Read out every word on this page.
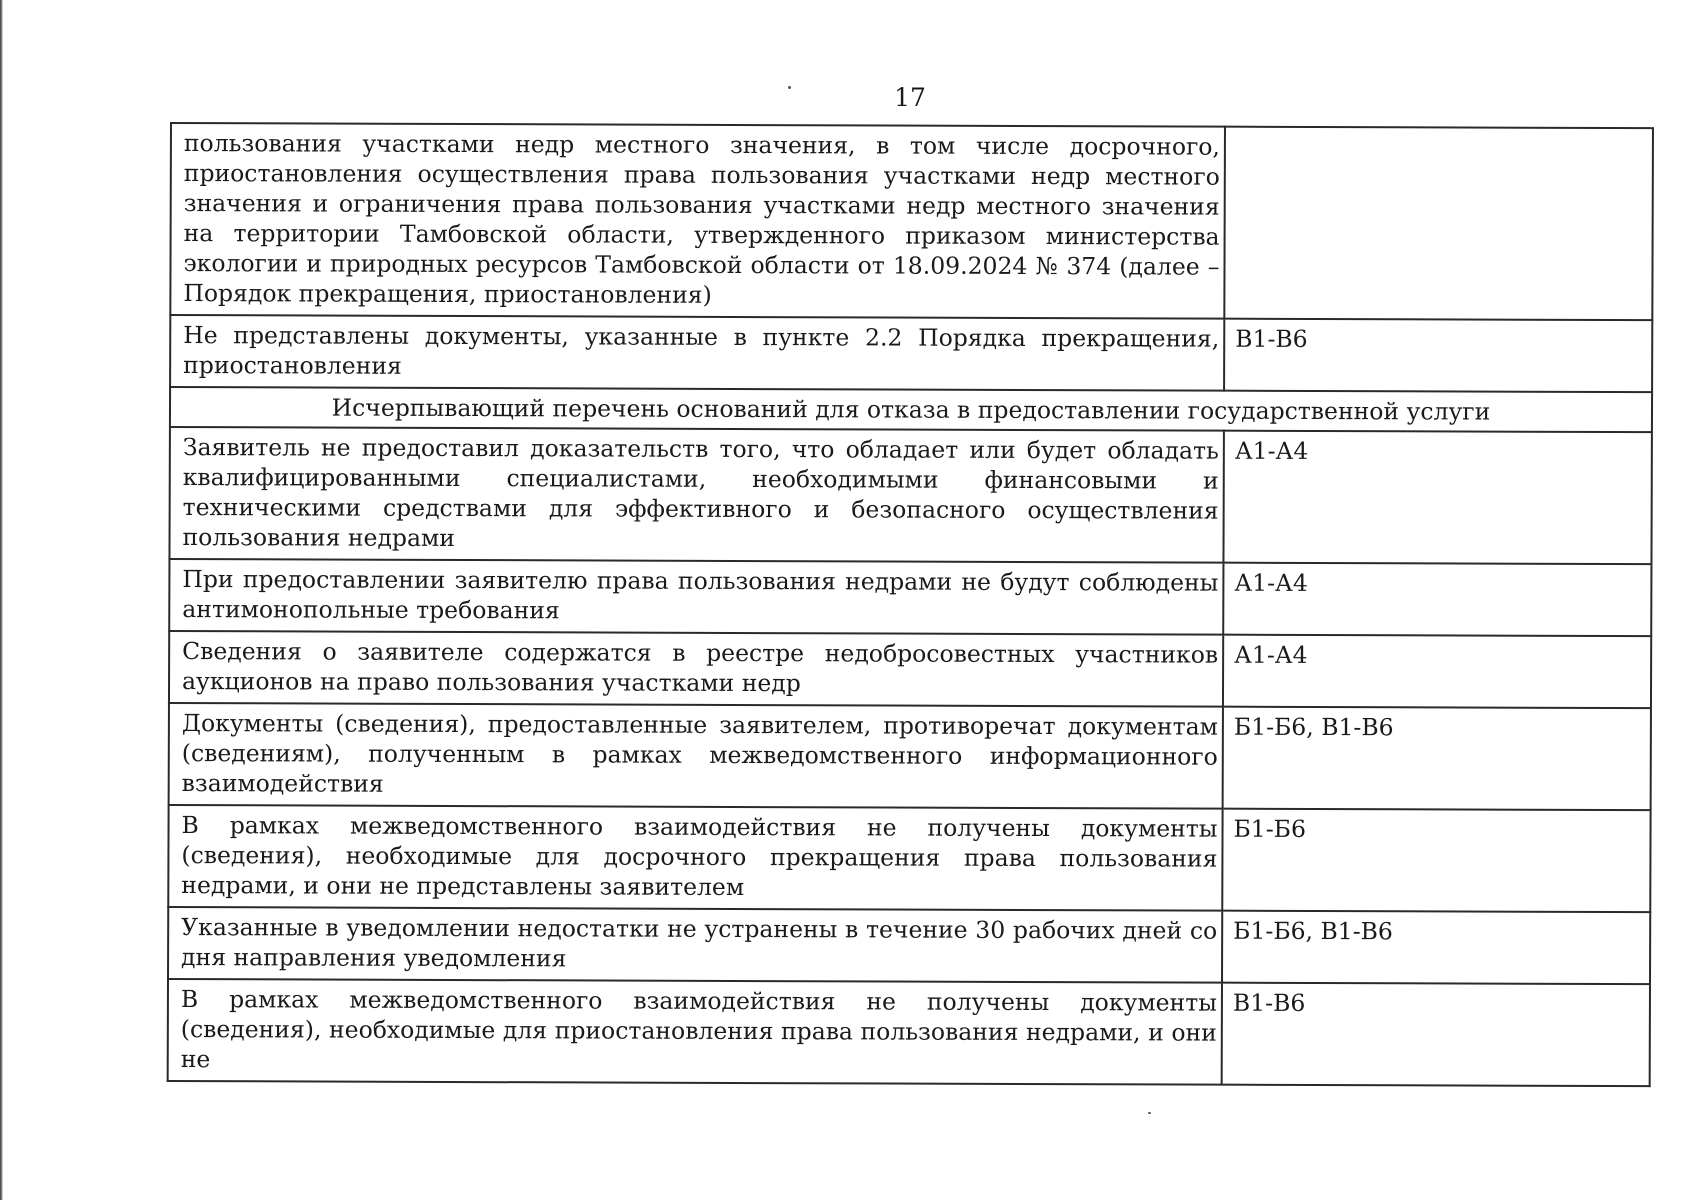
17
пользования участками недр местного значения, в том числе досрочного, приостановления осуществления права пользования участками недр местного значения и ограничения права пользования участками недр местного значения на территории Тамбовской области, утвержденного приказом министерства экологии и природных ресурсов Тамбовской области от 18.09.2024 № 374 (далее – Порядок прекращения, приостановления)	
Не представлены документы, указанные в пункте 2.2 Порядка прекращения, приостановления	В1-В6
Исчерпывающий перечень оснований для отказа в предоставлении государственной услуги	
Заявитель не предоставил доказательств того, что обладает или будет обладать квалифицированными специалистами, необходимыми финансовыми и техническими средствами для эффективного и безопасного осуществления пользования недрами	А1-А4
При предоставлении заявителю права пользования недрами не будут соблюдены антимонопольные требования	А1-А4
Сведения о заявителе содержатся в реестре недобросовестных участников аукционов на право пользования участками недр	А1-А4
Документы (сведения), предоставленные заявителем, противоречат документам (сведениям), полученным в рамках межведомственного информационного взаимодействия	Б1-Б6, В1-В6
В рамках межведомственного взаимодействия не получены документы (сведения), необходимые для досрочного прекращения права пользования недрами, и они не представлены заявителем	Б1-Б6
Указанные в уведомлении недостатки не устранены в течение 30 рабочих дней со дня направления уведомления	Б1-Б6, В1-В6

В рамках межведомственного взаимодействия не получены документы (сведения), необходимые для приостановления права пользования недрами, и они не	В1-В6
